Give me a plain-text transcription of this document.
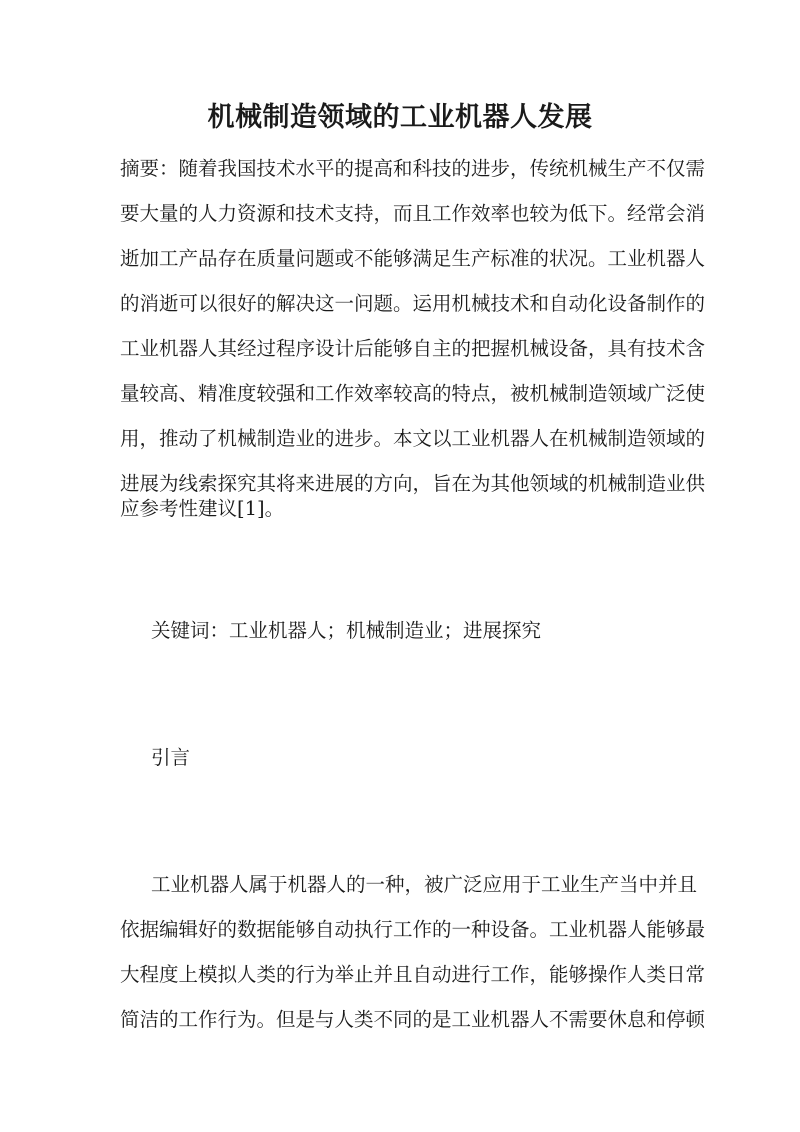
机械制造领域的工业机器人发展
摘要：随着我国技术水平的提高和科技的进步，传统机械生产不仅需
要大量的人力资源和技术支持，而且工作效率也较为低下。经常会消
逝加工产品存在质量问题或不能够满足生产标准的状况。工业机器人
的消逝可以很好的解决这一问题。运用机械技术和自动化设备制作的
工业机器人其经过程序设计后能够自主的把握机械设备，具有技术含
量较高、精准度较强和工作效率较高的特点，被机械制造领域广泛使
用，推动了机械制造业的进步。本文以工业机器人在机械制造领域的
进展为线索探究其将来进展的方向，旨在为其他领域的机械制造业供
应参考性建议[1]。
关键词：工业机器人；机械制造业；进展探究
引言
工业机器人属于机器人的一种，被广泛应用于工业生产当中并且
依据编辑好的数据能够自动执行工作的一种设备。工业机器人能够最
大程度上模拟人类的行为举止并且自动进行工作，能够操作人类日常
简洁的工作行为。但是与人类不同的是工业机器人不需要休息和停顿
